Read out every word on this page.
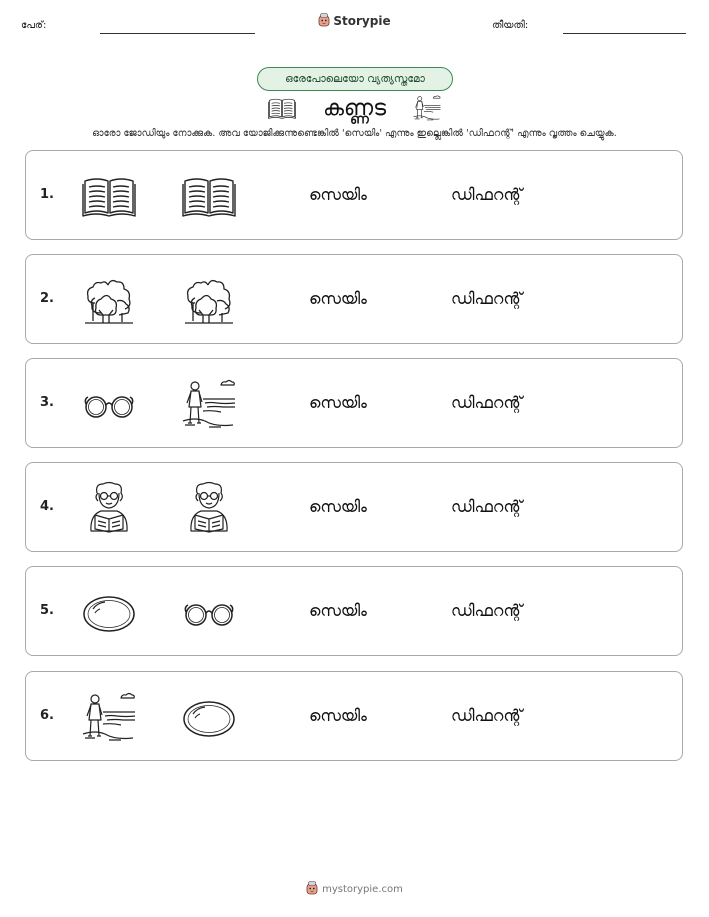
പേര്:	Storypie	തീയതി:
ഒരേപോലെയോ വ്യത്യസ്തമോ
കണ്ണട
ഓരോ ജോഡിയും നോക്കുക. അവ യോജിക്കുന്നുണ്ടെങ്കിൽ 'സെയിം' എന്നും ഇല്ലെങ്കിൽ 'ഡിഫറന്റ്' എന്നും വൃത്തം ചെയ്യുക.
1.	സെയിം	ഡിഫറന്റ്
2.	സെയിം	ഡിഫറന്റ്
3.	സെയിം	ഡിഫറന്റ്
4.	സെയിം	ഡിഫറന്റ്
5.	സെയിം	ഡിഫറന്റ്
6.	സെയിം	ഡിഫറന്റ്
mystorypie.com
